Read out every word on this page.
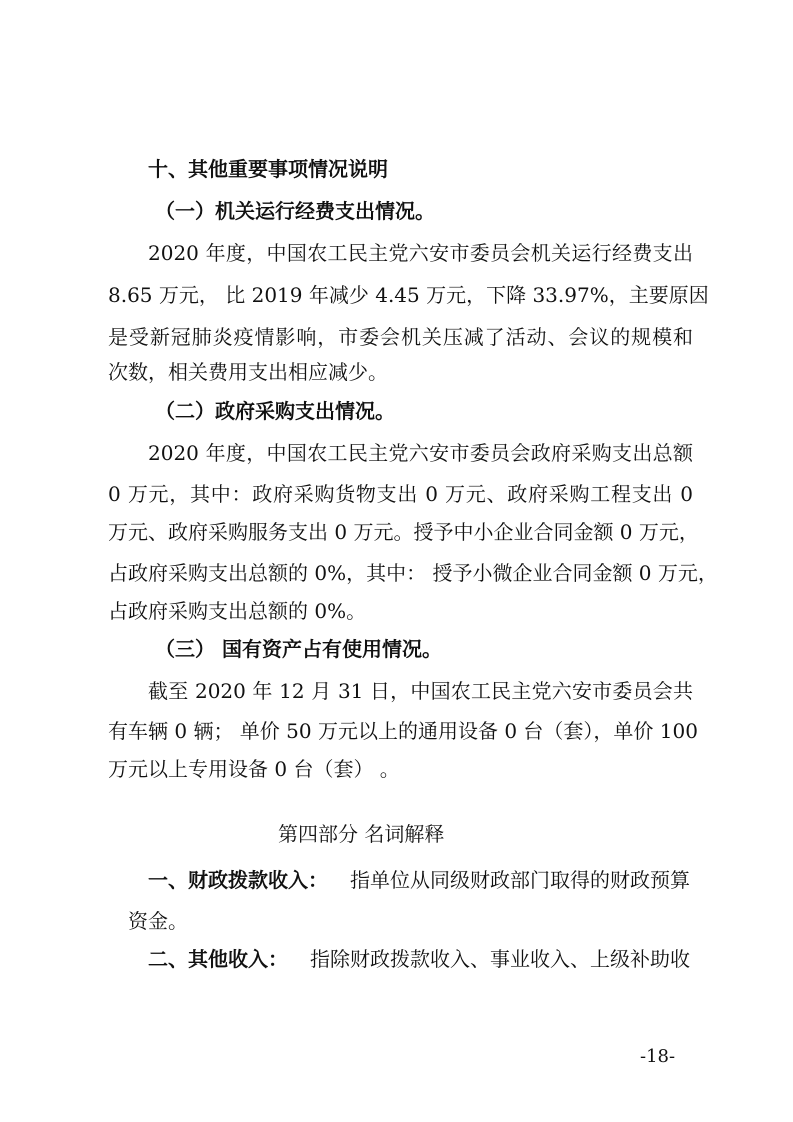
十、其他重要事项情况说明
（一）机关运行经费支出情况。
2020 年度，中国农工民主党六安市委员会机关运行经费支出
8.65 万元， 比 2019 年减少 4.45 万元，下降 33.97%，主要原因
是受新冠肺炎疫情影响，市委会机关压减了活动、会议的规模和
次数，相关费用支出相应减少。
（二）政府采购支出情况。
2020 年度，中国农工民主党六安市委员会政府采购支出总额
0 万元，其中：政府采购货物支出 0 万元、政府采购工程支出 0
万元、政府采购服务支出 0 万元。授予中小企业合同金额 0 万元，
占政府采购支出总额的 0%，其中： 授予小微企业合同金额 0 万元，
占政府采购支出总额的 0%。
（三） 国有资产占有使用情况。
截至 2020 年 12 月 31 日，中国农工民主党六安市委员会共
有车辆 0 辆； 单价 50 万元以上的通用设备 0 台（套），单价 100
万元以上专用设备 0 台（套） 。
第四部分 名词解释
一、财政拨款收入： 指单位从同级财政部门取得的财政预算
资金。
二、其他收入： 指除财政拨款收入、事业收入、上级补助收
-18-
